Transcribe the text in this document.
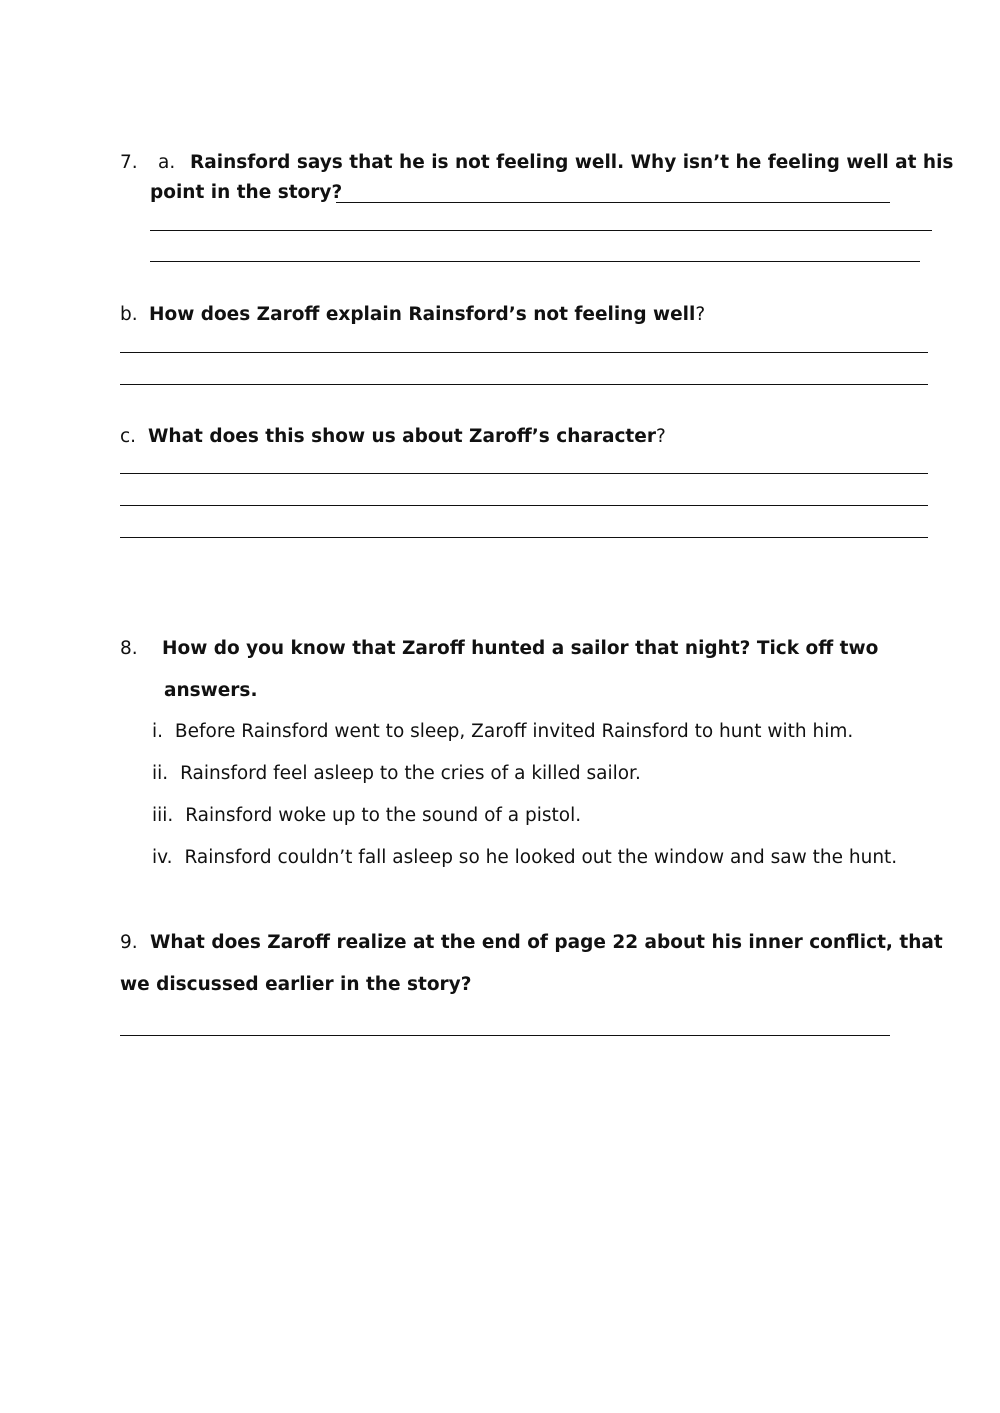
7. a. Rainsford says that he is not feeling well. Why isn’t he feeling well at his
point in the story?
b. How does Zaroff explain Rainsford’s not feeling well?
c. What does this show us about Zaroff’s character?
8. How do you know that Zaroff hunted a sailor that night? Tick off two
answers.
i. Before Rainsford went to sleep, Zaroff invited Rainsford to hunt with him.
ii. Rainsford feel asleep to the cries of a killed sailor.
iii. Rainsford woke up to the sound of a pistol.
iv. Rainsford couldn’t fall asleep so he looked out the window and saw the hunt.
9. What does Zaroff realize at the end of page 22 about his inner conflict, that
we discussed earlier in the story?
